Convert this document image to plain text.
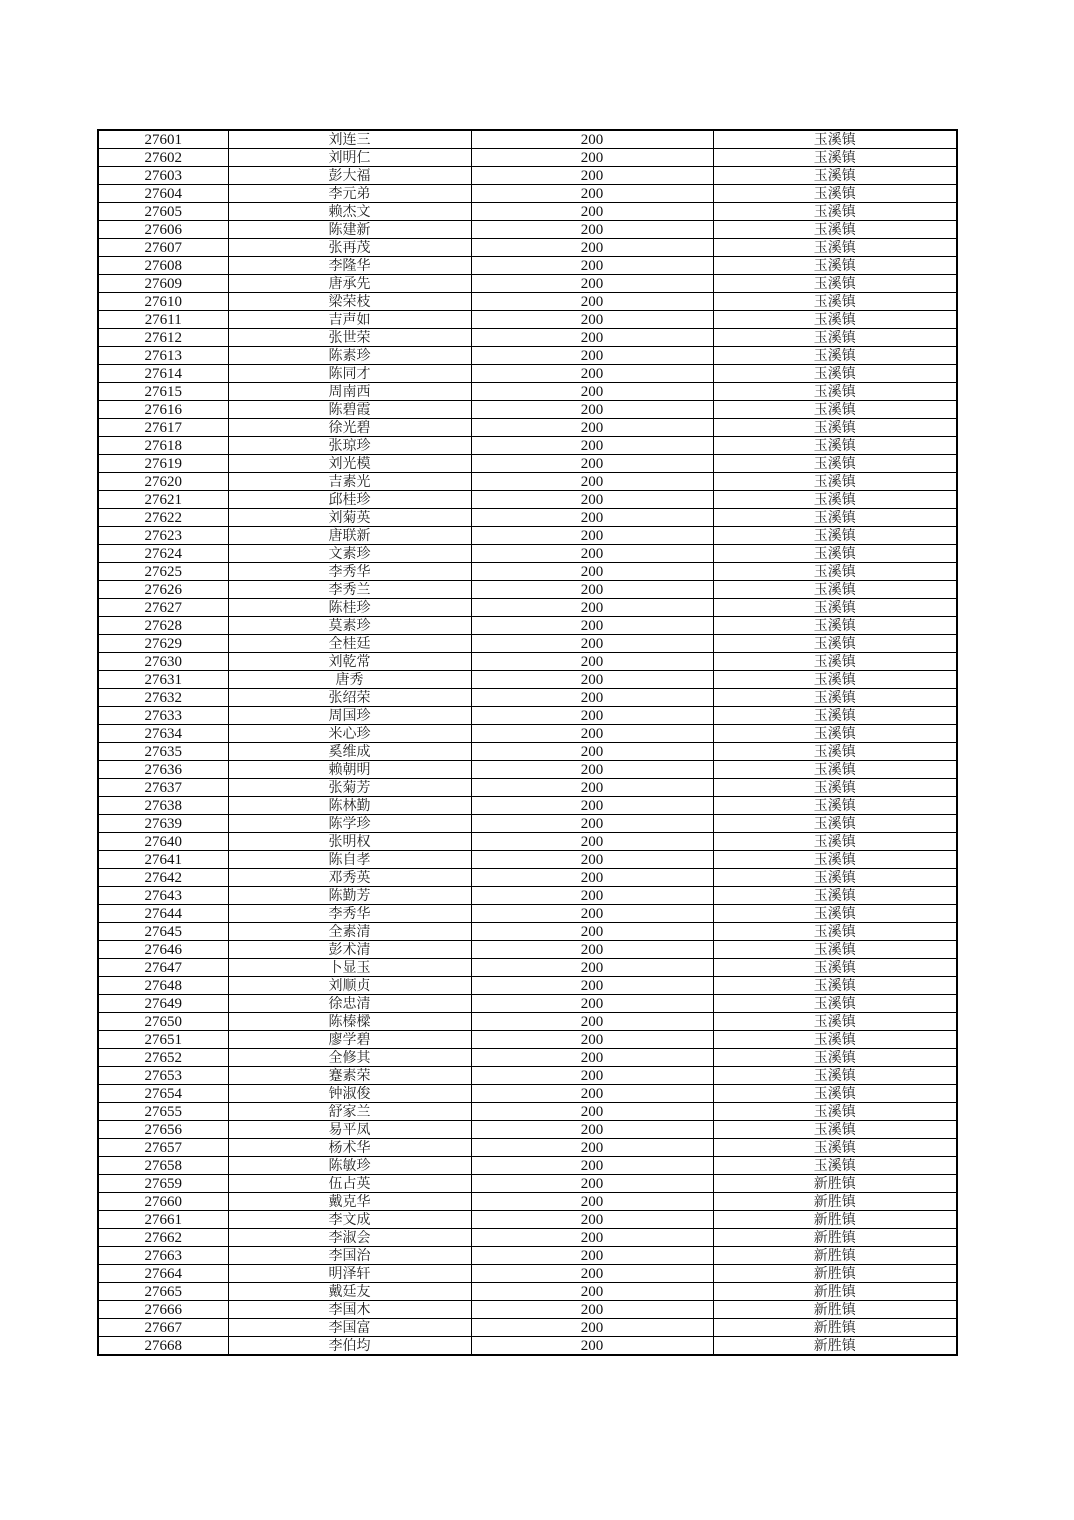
27601	刘连三	200	玉溪镇
27602	刘明仁	200	玉溪镇
27603	彭大福	200	玉溪镇
27604	李元弟	200	玉溪镇
27605	赖杰文	200	玉溪镇
27606	陈建新	200	玉溪镇
27607	张再茂	200	玉溪镇
27608	李隆华	200	玉溪镇
27609	唐承先	200	玉溪镇
27610	梁荣枝	200	玉溪镇
27611	吉声如	200	玉溪镇
27612	张世荣	200	玉溪镇
27613	陈素珍	200	玉溪镇
27614	陈同才	200	玉溪镇
27615	周南西	200	玉溪镇
27616	陈碧霞	200	玉溪镇
27617	徐光碧	200	玉溪镇
27618	张琼珍	200	玉溪镇
27619	刘光模	200	玉溪镇
27620	吉素光	200	玉溪镇
27621	邱桂珍	200	玉溪镇
27622	刘菊英	200	玉溪镇
27623	唐联新	200	玉溪镇
27624	文素珍	200	玉溪镇
27625	李秀华	200	玉溪镇
27626	李秀兰	200	玉溪镇
27627	陈桂珍	200	玉溪镇
27628	莫素珍	200	玉溪镇
27629	全桂廷	200	玉溪镇
27630	刘乾常	200	玉溪镇
27631	唐秀	200	玉溪镇
27632	张绍荣	200	玉溪镇
27633	周国珍	200	玉溪镇
27634	米心珍	200	玉溪镇
27635	奚维成	200	玉溪镇
27636	赖朝明	200	玉溪镇
27637	张菊芳	200	玉溪镇
27638	陈林勤	200	玉溪镇
27639	陈学珍	200	玉溪镇
27640	张明权	200	玉溪镇
27641	陈自孝	200	玉溪镇
27642	邓秀英	200	玉溪镇
27643	陈勤芳	200	玉溪镇
27644	李秀华	200	玉溪镇
27645	全素清	200	玉溪镇
27646	彭术清	200	玉溪镇
27647	卜显玉	200	玉溪镇
27648	刘顺贞	200	玉溪镇
27649	徐忠清	200	玉溪镇
27650	陈榛樑	200	玉溪镇
27651	廖学碧	200	玉溪镇
27652	全修其	200	玉溪镇
27653	蹇素荣	200	玉溪镇
27654	钟淑俊	200	玉溪镇
27655	舒家兰	200	玉溪镇
27656	易平凤	200	玉溪镇
27657	杨术华	200	玉溪镇
27658	陈敏珍	200	玉溪镇
27659	伍占英	200	新胜镇
27660	戴克华	200	新胜镇
27661	李文成	200	新胜镇
27662	李淑会	200	新胜镇
27663	李国治	200	新胜镇
27664	明泽轩	200	新胜镇
27665	戴廷友	200	新胜镇
27666	李国木	200	新胜镇
27667	李国富	200	新胜镇
27668	李伯均	200	新胜镇
